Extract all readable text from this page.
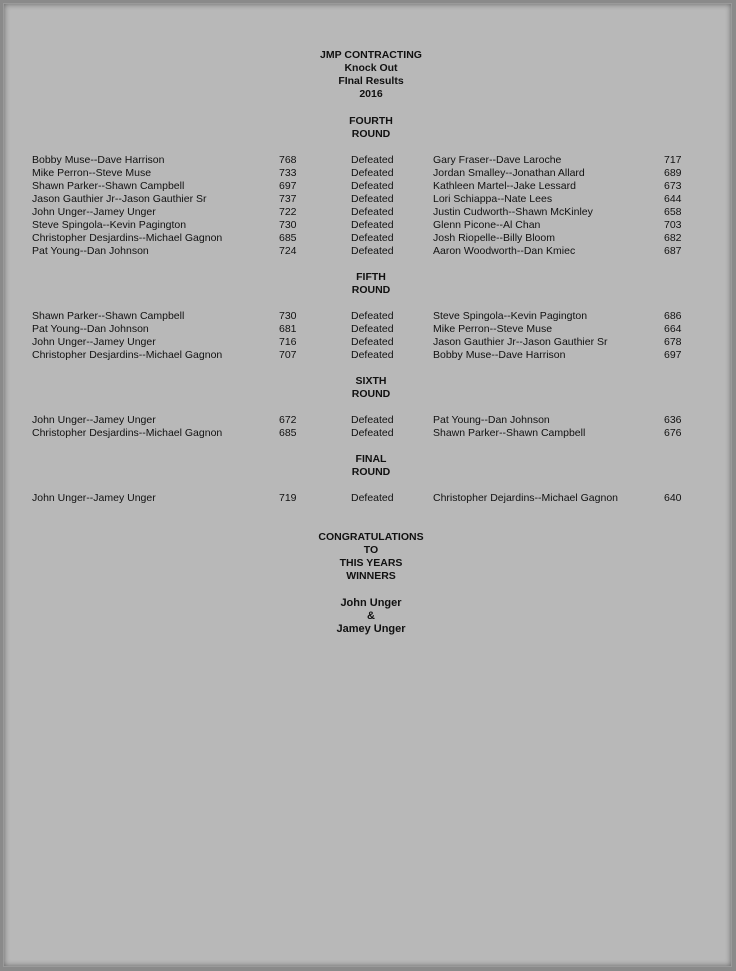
JMP CONTRACTING
Knock Out
FInal Results
2016
FOURTH
ROUND
Bobby Muse--Dave Harrison	768	Defeated	Gary Fraser--Dave Laroche	717
Mike Perron--Steve Muse	733	Defeated	Jordan Smalley--Jonathan Allard	689
Shawn Parker--Shawn Campbell	697	Defeated	Kathleen Martel--Jake Lessard	673
Jason Gauthier Jr--Jason Gauthier Sr	737	Defeated	Lori Schiappa--Nate Lees	644
John Unger--Jamey Unger	722	Defeated	Justin Cudworth--Shawn McKinley	658
Steve Spingola--Kevin Pagington	730	Defeated	Glenn Picone--Al Chan	703
Christopher Desjardins--Michael Gagnon	685	Defeated	Josh Riopelle--Billy Bloom	682
Pat Young--Dan Johnson	724	Defeated	Aaron Woodworth--Dan Kmiec	687
FIFTH
ROUND
Shawn Parker--Shawn Campbell	730	Defeated	Steve Spingola--Kevin Pagington	686
Pat Young--Dan Johnson	681	Defeated	Mike Perron--Steve Muse	664
John Unger--Jamey Unger	716	Defeated	Jason Gauthier Jr--Jason Gauthier Sr	678
Christopher Desjardins--Michael Gagnon	707	Defeated	Bobby Muse--Dave Harrison	697
SIXTH
ROUND
John Unger--Jamey Unger	672	Defeated	Pat Young--Dan Johnson	636
Christopher Desjardins--Michael Gagnon	685	Defeated	Shawn Parker--Shawn Campbell	676
FINAL
ROUND
John Unger--Jamey Unger	719	Defeated	Christopher Dejardins--Michael Gagnon	640
CONGRATULATIONS
TO
THIS YEARS
WINNERS
John Unger
&
Jamey Unger
